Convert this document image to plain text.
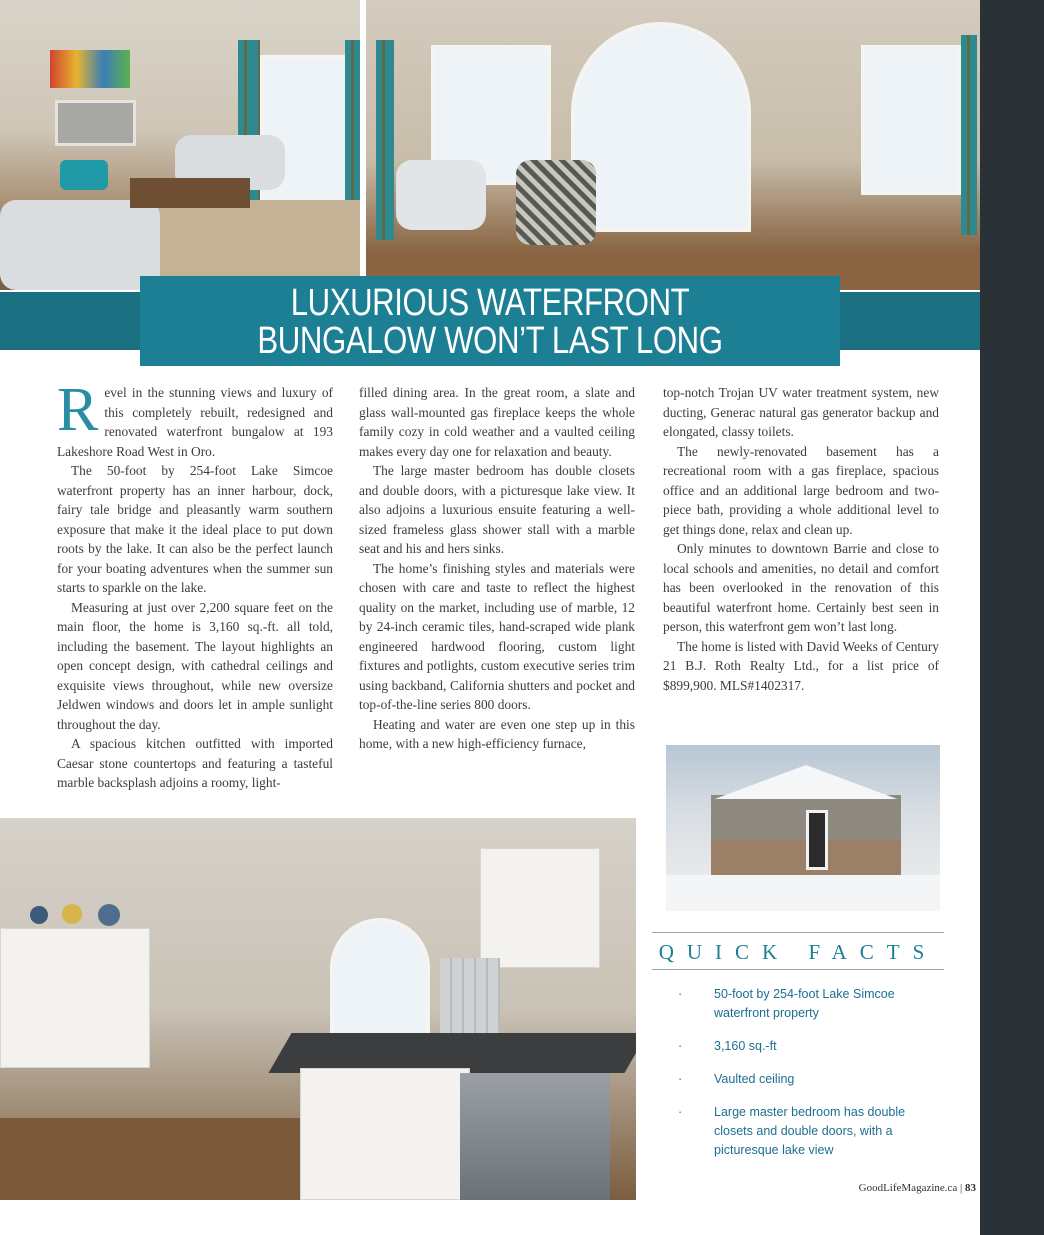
LUXURIOUS WATERFRONT
BUNGALOW WON’T LAST LONG

Revel in the stunning views and luxury of this completely rebuilt, redesigned and renovated waterfront bungalow at 193 Lakeshore Road West in Oro.

The 50-foot by 254-foot Lake Simcoe waterfront property has an inner harbour, dock, fairy tale bridge and pleasantly warm southern exposure that make it the ideal place to put down roots by the lake. It can also be the perfect launch for your boating adventures when the summer sun starts to sparkle on the lake.

Measuring at just over 2,200 square feet on the main floor, the home is 3,160 sq.-ft. all told, including the basement. The layout highlights an open concept design, with cathedral ceilings and exquisite views throughout, while new oversize Jeldwen windows and doors let in ample sunlight throughout the day.

A spacious kitchen outfitted with imported Caesar stone countertops and featuring a tasteful marble backsplash adjoins a roomy, light-

filled dining area. In the great room, a slate and glass wall-mounted gas fireplace keeps the whole family cozy in cold weather and a vaulted ceiling makes every day one for relaxation and beauty.

The large master bedroom has double closets and double doors, with a picturesque lake view. It also adjoins a luxurious ensuite featuring a well-sized frameless glass shower stall with a marble seat and his and hers sinks.

The home’s finishing styles and materials were chosen with care and taste to reflect the highest quality on the market, including use of marble, 12 by 24-inch ceramic tiles, hand-scraped wide plank engineered hardwood flooring, custom light fixtures and potlights, custom executive series trim using backband, California shutters and pocket and top-of-the-line series 800 doors.

Heating and water are even one step up in this home, with a new high-efficiency furnace,

top-notch Trojan UV water treatment system, new ducting, Generac natural gas generator backup and elongated, classy toilets.

The newly-renovated basement has a recreational room with a gas fireplace, spacious office and an additional large bedroom and two-piece bath, providing a whole additional level to get things done, relax and clean up.

Only minutes to downtown Barrie and close to local schools and amenities, no detail and comfort has been overlooked in the renovation of this beautiful waterfront home. Certainly best seen in person, this waterfront gem won’t last long.

The home is listed with David Weeks of Century 21 B.J. Roth Realty Ltd., for a list price of $899,900. MLS#1402317.

QUICK FACTS
·	50-foot by 254-foot Lake Simcoe waterfront property
·	3,160 sq.-ft
·	Vaulted ceiling
·	Large master bedroom has double closets and double doors, with a picturesque lake view
GoodLifeMagazine.ca | 83
